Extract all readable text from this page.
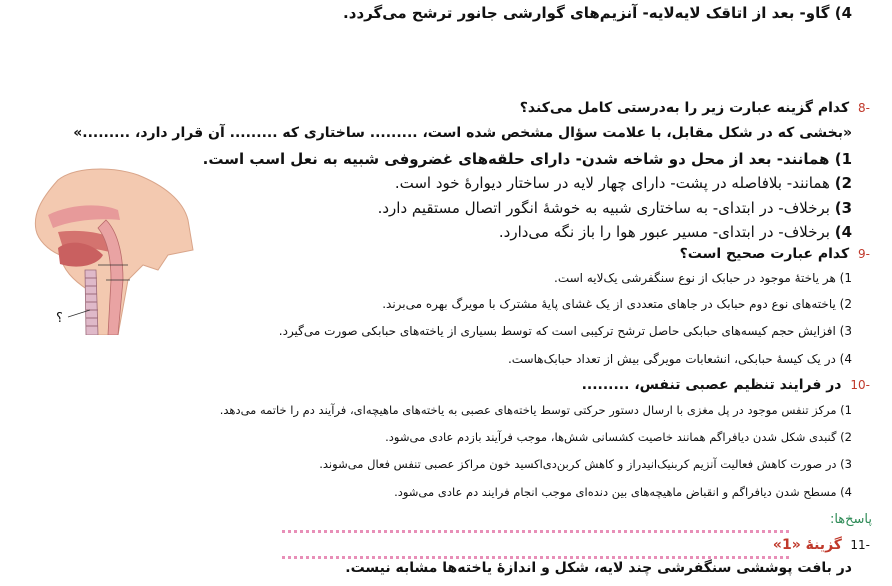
4) گاو- بعد از اتاقک لایه‌لایه- آنزیم‌های گوارشی جانور ترشح می‌گردد.
-8 کدام گزینه عبارت زیر را به‌درستی کامل می‌کند؟
«بخشی که در شکل مقابل، با علامت سؤال مشخص شده است، ......... ساختاری که ......... آن قرار دارد، .........»
1) همانند- بعد از محل دو شاخه شدن- دارای حلقه‌های غضروفی شبیه به نعل اسب است.
2) همانند- بلافاصله در پشت- دارای چهار لایه در ساختار دیوارهٔ خود است.
3) برخلاف- در ابتدای- به ساختاری شبیه به خوشهٔ انگور اتصال مستقیم دارد.
4) برخلاف- در ابتدای- مسیر عبور هوا را باز نگه می‌دارد.
؟
-9 کدام عبارت صحیح است؟
1) هر یاختهٔ موجود در حبابک از نوع سنگفرشی یک‌لایه است.
2) یاخته‌های نوع دوم حبابک در جاهای متعددی از یک غشای پایهٔ مشترک با مویرگ بهره می‌برند.
3) افزایش حجم کیسه‌های حبابکی حاصل ترشح ترکیبی است که توسط بسیاری از یاخته‌های حبابکی صورت می‌گیرد.
4) در یک کیسهٔ حبابکی، انشعابات مویرگی بیش از تعداد حبابک‌هاست.
-10 در فرایند تنظیم عصبی تنفس، .........
1) مرکز تنفس موجود در پل مغزی با ارسال دستور حرکتی توسط یاخته‌های عصبی به یاخته‌های ماهیچه‌ای، فرآیند دم را خاتمه می‌دهد.
2) گنبدی شکل شدن دیافراگم همانند خاصیت کشسانی شش‌ها، موجب فرآیند بازدم عادی می‌شود.
3) در صورت کاهش فعالیت آنزیم کربنیک‌انیدراز و کاهش کربن‌دی‌اکسید خون مراکز عصبی تنفس فعال می‌شوند.
4) مسطح شدن دیافراگم و انقباض ماهیچه‌های بین دنده‌ای موجب انجام فرایند دم عادی می‌شود.
پاسخ‌ها:
-11 گزینهٔ «1»
در بافت پوششی سنگفرشی چند لایه، شکل و اندازهٔ یاخته‌ها مشابه نیست.
